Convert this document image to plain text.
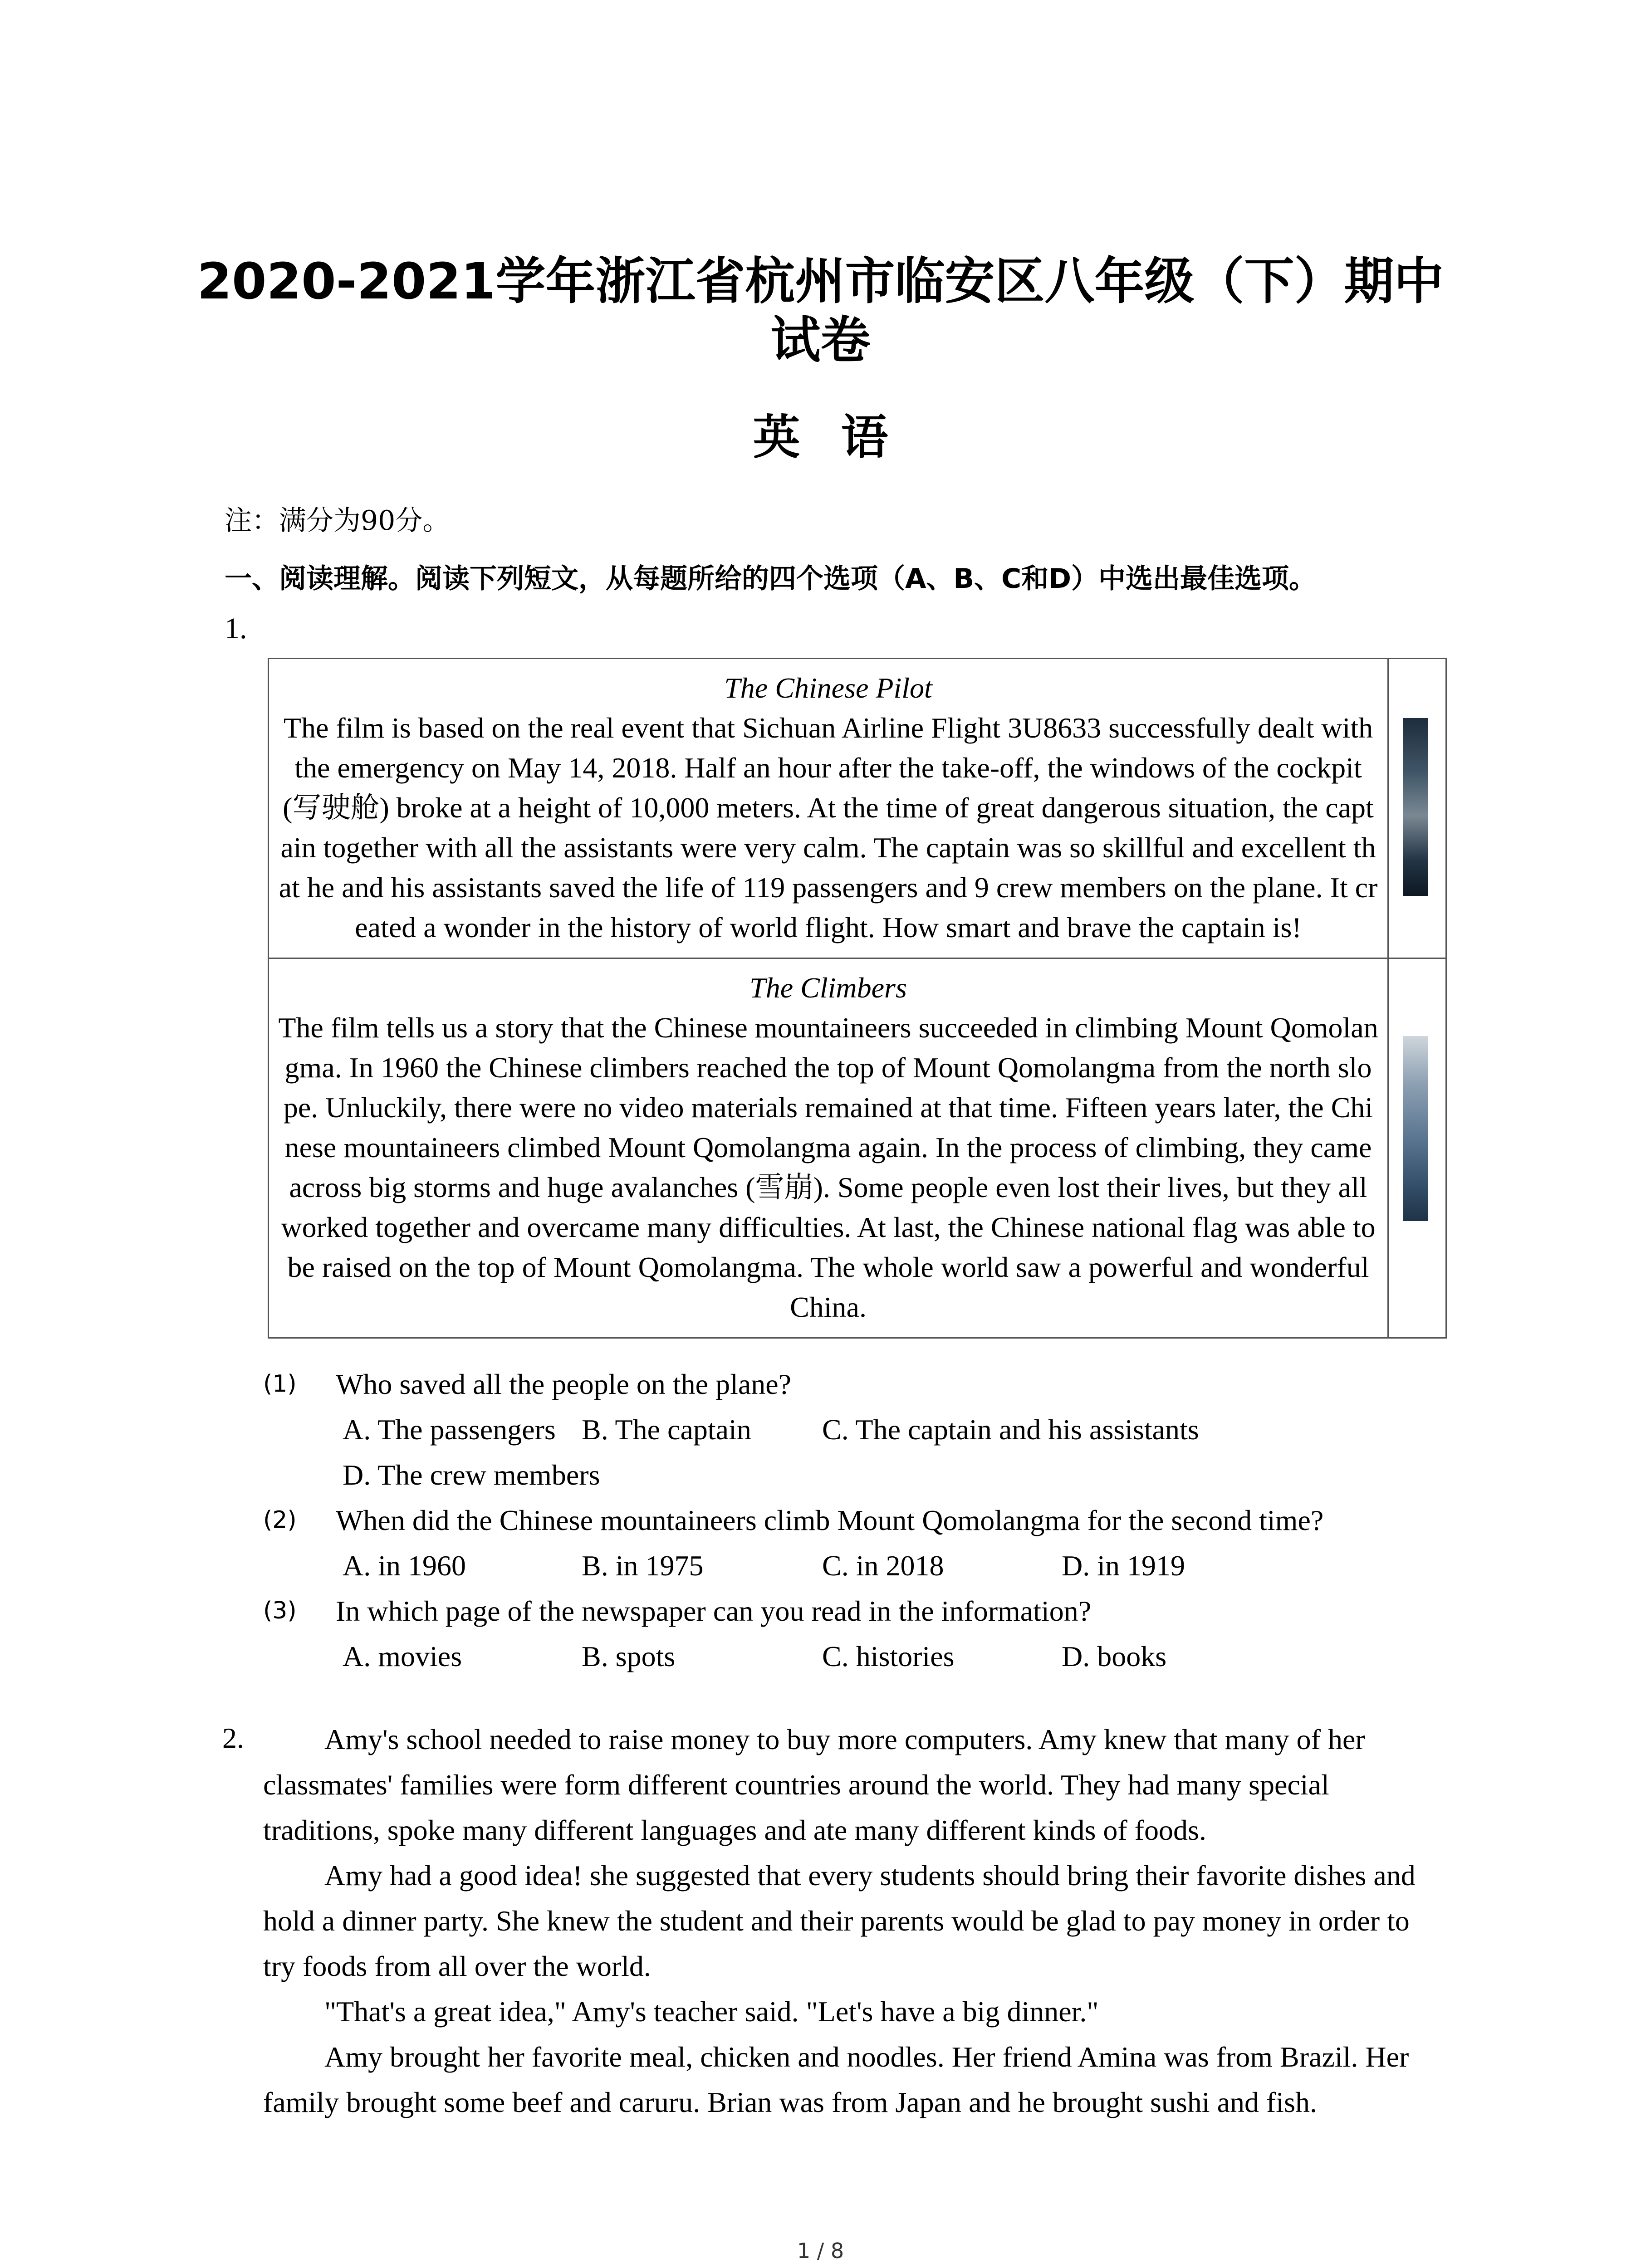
2020-2021学年浙江省杭州市临安区八年级（下）期中
试卷
英语
注：满分为90分。
一、阅读理解。阅读下列短文，从每题所给的四个选项（A、B、C和D）中选出最佳选项。
1.
The Chinese Pilot
The film is based on the real event that Sichuan Airline Flight 3U8633 successfully dealt with the emergency on May 14, 2018. Half an hour after the take-off, the windows of the cockpit (写驶舱) broke at a height of 10,000 meters. At the time of great dangerous situation, the captain together with all the assistants were very calm. The captain was so skillful and excellent that he and his assistants saved the life of 119 passengers and 9 crew members on the plane. It created a wonder in the history of world flight. How smart and brave the captain is!
The Climbers
The film tells us a story that the Chinese mountaineers succeeded in climbing Mount Qomolangma. In 1960 the Chinese climbers reached the top of Mount Qomolangma from the north slope. Unluckily, there were no video materials remained at that time. Fifteen years later, the Chinese mountaineers climbed Mount Qomolangma again. In the process of climbing, they came across big storms and huge avalanches (雪崩). Some people even lost their lives, but they all worked together and overcame many difficulties. At last, the Chinese national flag was able to be raised on the top of Mount Qomolangma. The whole world saw a powerful and wonderful China.
(1) Who saved all the people on the plane?
A. The passengers B. The captain C. The captain and his assistants
D. The crew members
(2) When did the Chinese mountaineers climb Mount Qomolangma for the second time?
A. in 1960	B. in 1975	C. in 2018	D. in 1919
(3) In which page of the newspaper can you read in the information?
A. movies	B. spots	C. histories	D. books
2.	Amy's school needed to raise money to buy more computers. Amy knew that many of her classmates' families were form different countries around the world. They had many special traditions, spoke many different languages and ate many different kinds of foods.

Amy had a good idea! she suggested that every students should bring their favorite dishes and hold a dinner party. She knew the student and their parents would be glad to pay money in order to try foods from all over the world.

"That's a great idea," Amy's teacher said. "Let's have a big dinner."

Amy brought her favorite meal, chicken and noodles. Her friend Amina was from Brazil. Her family brought some beef and caruru. Brian was from Japan and he brought sushi and fish.

1 / 8
